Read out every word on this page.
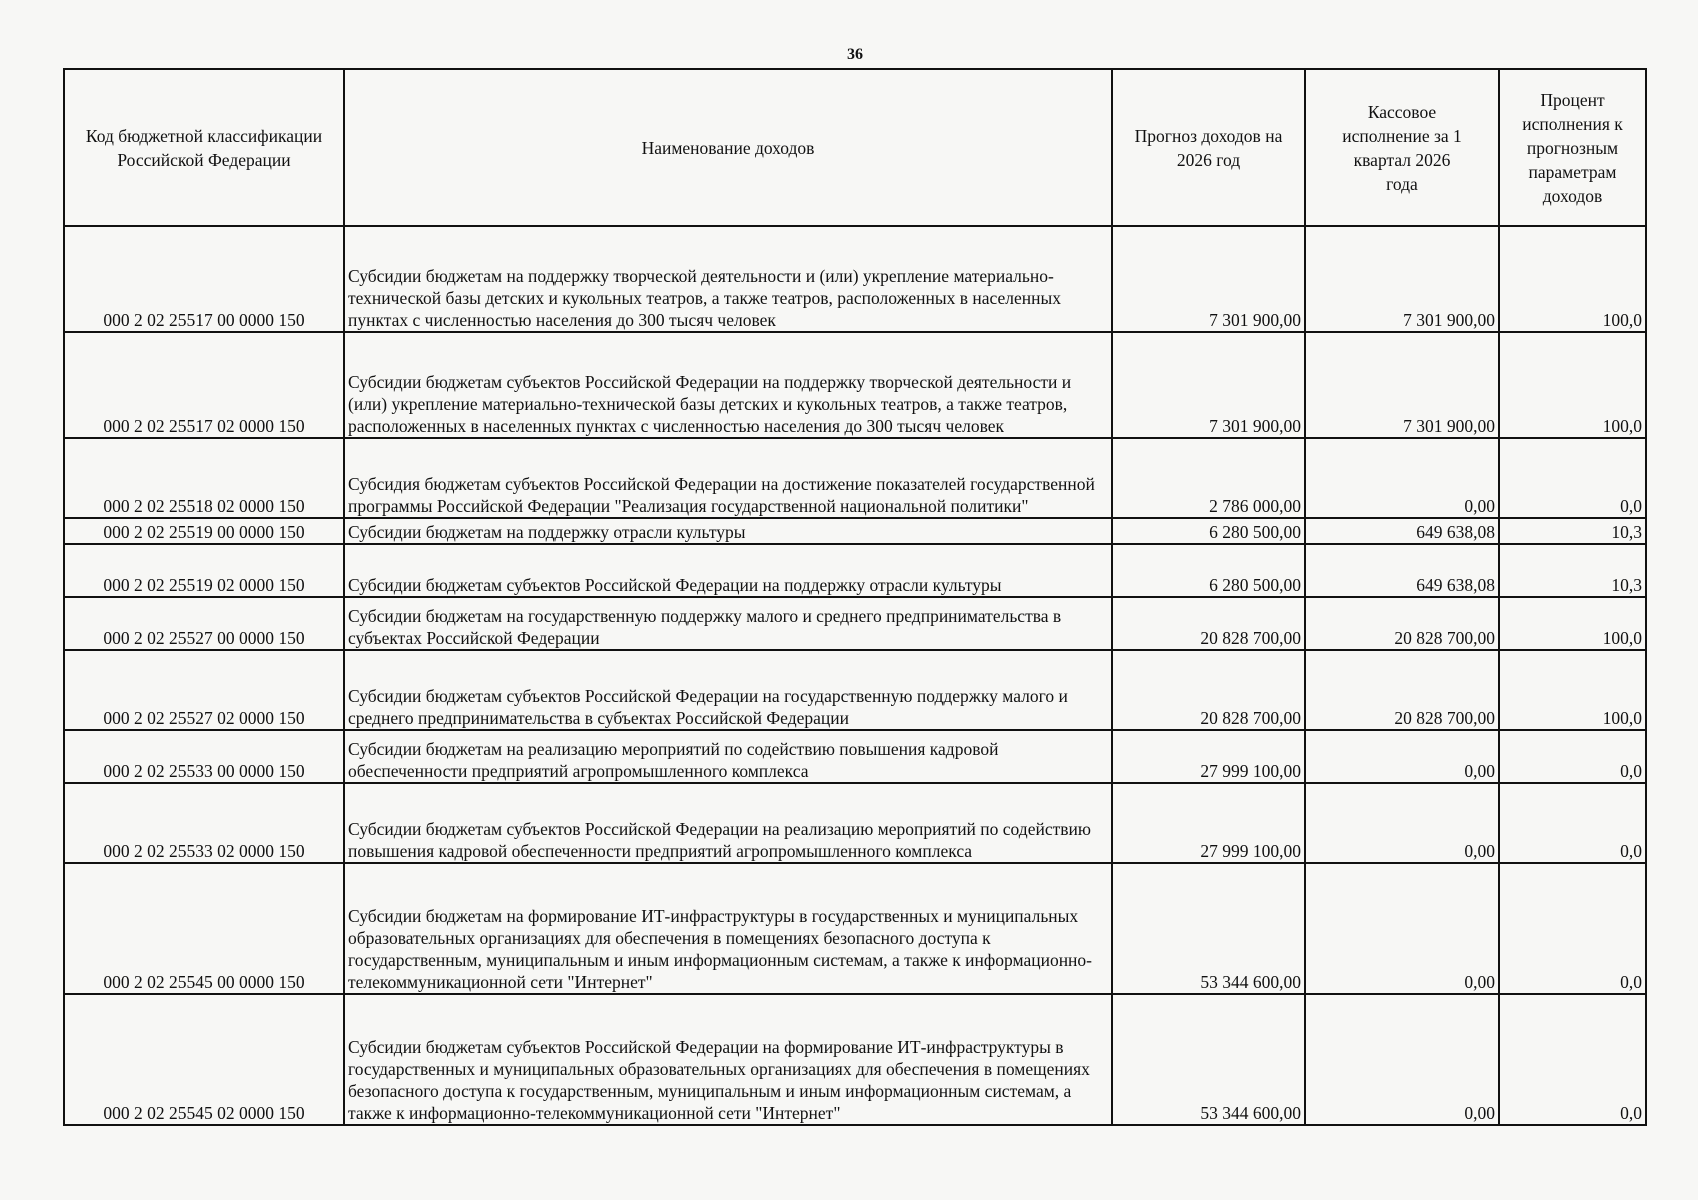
36
Код бюджетной классификации Российской Федерации	Наименование доходов	Прогноз доходов на 2026 год	Кассовое исполнение за 1 квартал 2026 года	Процент исполнения к прогнозным параметрам доходов
000 2 02 25517 00 0000 150	Субсидии бюджетам на поддержку творческой деятельности и (или) укрепление материально-технической базы детских и кукольных театров, а также театров, расположенных в населенных пунктах с численностью населения до 300 тысяч человек	7 301 900,00	7 301 900,00	100,0
000 2 02 25517 02 0000 150	Субсидии бюджетам субъектов Российской Федерации на поддержку творческой деятельности и (или) укрепление материально-технической базы детских и кукольных театров, а также театров, расположенных в населенных пунктах с численностью населения до 300 тысяч человек	7 301 900,00	7 301 900,00	100,0
000 2 02 25518 02 0000 150	Субсидия бюджетам субъектов Российской Федерации на достижение показателей государственной программы Российской Федерации "Реализация государственной национальной политики"	2 786 000,00	0,00	0,0
000 2 02 25519 00 0000 150	Субсидии бюджетам на поддержку отрасли культуры	6 280 500,00	649 638,08	10,3
000 2 02 25519 02 0000 150	Субсидии бюджетам субъектов Российской Федерации на поддержку отрасли культуры	6 280 500,00	649 638,08	10,3
000 2 02 25527 00 0000 150	Субсидии бюджетам на государственную поддержку малого и среднего предпринимательства в субъектах Российской Федерации	20 828 700,00	20 828 700,00	100,0
000 2 02 25527 02 0000 150	Субсидии бюджетам субъектов Российской Федерации на государственную поддержку малого и среднего предпринимательства в субъектах Российской Федерации	20 828 700,00	20 828 700,00	100,0
000 2 02 25533 00 0000 150	Субсидии бюджетам на реализацию мероприятий по содействию повышения кадровой обеспеченности предприятий агропромышленного комплекса	27 999 100,00	0,00	0,0
000 2 02 25533 02 0000 150	Субсидии бюджетам субъектов Российской Федерации на реализацию мероприятий по содействию повышения кадровой обеспеченности предприятий агропромышленного комплекса	27 999 100,00	0,00	0,0
000 2 02 25545 00 0000 150	Субсидии бюджетам на формирование ИТ-инфраструктуры в государственных и муниципальных образовательных организациях для обеспечения в помещениях безопасного доступа к государственным, муниципальным и иным информационным системам, а также к информационно-телекоммуникационной сети "Интернет"	53 344 600,00	0,00	0,0
000 2 02 25545 02 0000 150	Субсидии бюджетам субъектов Российской Федерации на формирование ИТ-инфраструктуры в государственных и муниципальных образовательных организациях для обеспечения в помещениях безопасного доступа к государственным, муниципальным и иным информационным системам, а также к информационно-телекоммуникационной сети "Интернет"	53 344 600,00	0,00	0,0
